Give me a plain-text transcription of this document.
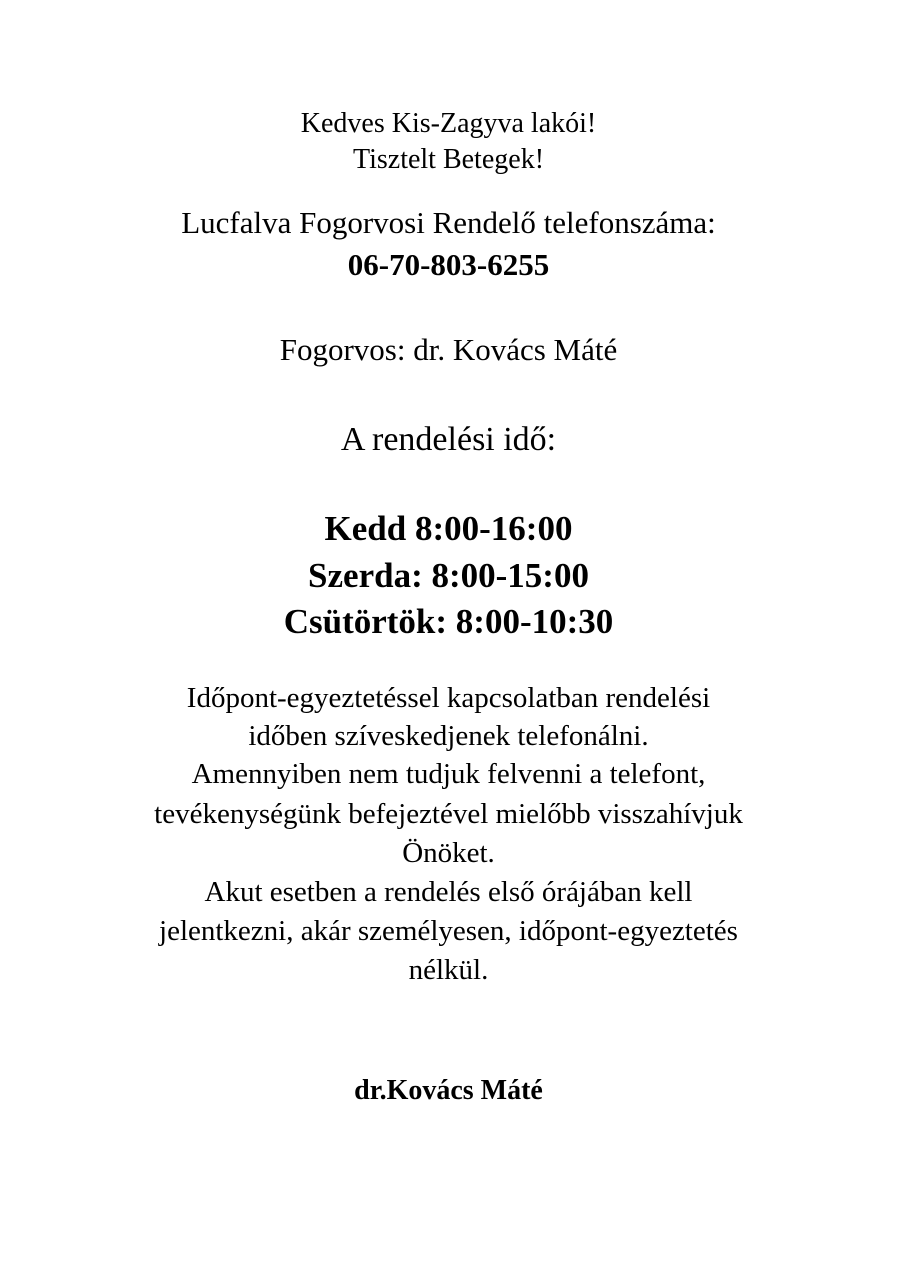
Kedves Kis-Zagyva lakói!
Tisztelt Betegek!
Lucfalva Fogorvosi Rendelő telefonszáma:
06-70-803-6255
Fogorvos: dr. Kovács Máté
A rendelési idő:
Kedd 8:00-16:00
Szerda: 8:00-15:00
Csütörtök: 8:00-10:30
Időpont-egyeztetéssel kapcsolatban rendelési
időben szíveskedjenek telefonálni.
Amennyiben nem tudjuk felvenni a telefont,
tevékenységünk befejeztével mielőbb visszahívjuk
Önöket.
Akut esetben a rendelés első órájában kell
jelentkezni, akár személyesen, időpont-egyeztetés
nélkül.
dr.Kovács Máté
